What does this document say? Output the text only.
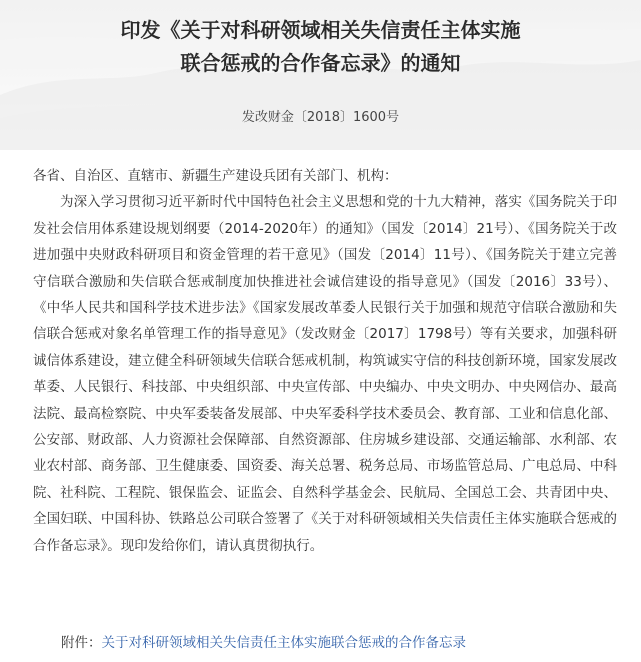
印发《关于对科研领域相关失信责任主体实施
联合惩戒的合作备忘录》的通知
发改财金〔2018〕1600号

各省、自治区、直辖市、新疆生产建设兵团有关部门、机构：

为深入学习贯彻习近平新时代中国特色社会主义思想和党的十九大精神，落实《国务院关于印发社会信用体系建设规划纲要（2014-2020年）的通知》（国发〔2014〕21号）、《国务院关于改进加强中央财政科研项目和资金管理的若干意见》（国发〔2014〕11号）、《国务院关于建立完善守信联合激励和失信联合惩戒制度加快推进社会诚信建设的指导意见》（国发〔2016〕33号）、《中华人民共和国科学技术进步法》《国家发展改革委人民银行关于加强和规范守信联合激励和失信联合惩戒对象名单管理工作的指导意见》（发改财金〔2017〕1798号）等有关要求，加强科研诚信体系建设，建立健全科研领域失信联合惩戒机制，构筑诚实守信的科技创新环境，国家发展改革委、人民银行、科技部、中央组织部、中央宣传部、中央编办、中央文明办、中央网信办、最高法院、最高检察院、中央军委装备发展部、中央军委科学技术委员会、教育部、工业和信息化部、公安部、财政部、人力资源社会保障部、自然资源部、住房城乡建设部、交通运输部、水利部、农业农村部、商务部、卫生健康委、国资委、海关总署、税务总局、市场监管总局、广电总局、中科院、社科院、工程院、银保监会、证监会、自然科学基金会、民航局、全国总工会、共青团中央、全国妇联、中国科协、铁路总公司联合签署了《关于对科研领域相关失信责任主体实施联合惩戒的合作备忘录》。现印发给你们，请认真贯彻执行。

附件：关于对科研领域相关失信责任主体实施联合惩戒的合作备忘录
